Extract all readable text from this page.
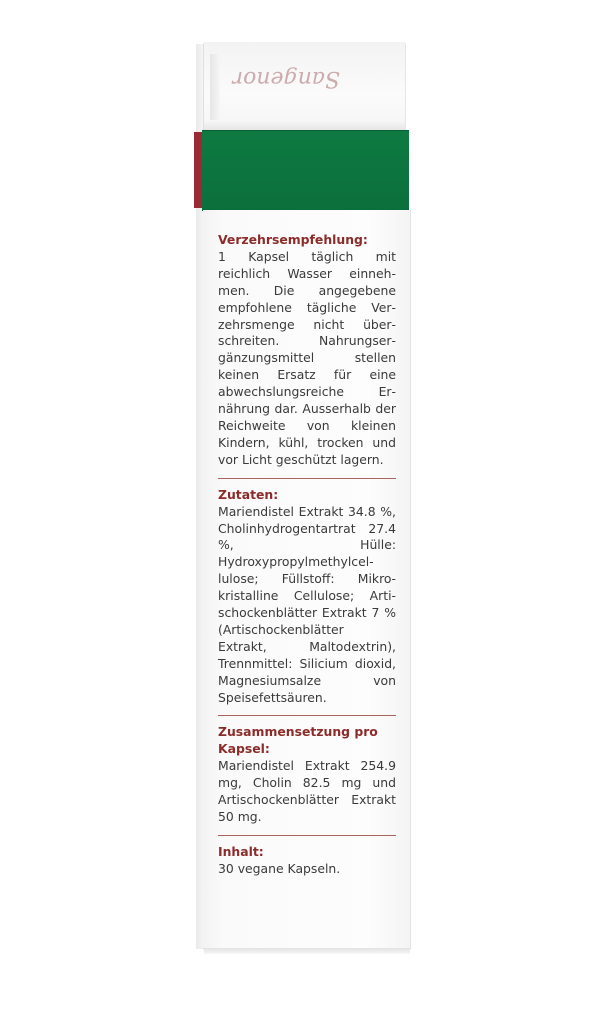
Sangenor

Verzehrsempfehlung:

1 Kapsel täglich mit reichlich Wasser einnehmen. Die angegebene empfohlene tägliche Verzehrsmenge nicht überschreiten. Nahrungsergänzungsmittel stellen keinen Ersatz für eine abwechslungsreiche Ernährung dar. Ausserhalb der Reichweite von kleinen Kindern, kühl, trocken und vor Licht geschützt lagern.

Zutaten:

Mariendistel Extrakt 34.8 %, Cholinhydrogentartrat 27.4 %, Hülle: Hydroxypropylmethylcellulose; Füllstoff: Mikrokristalline Cellulose; Artischockenblätter Extrakt 7 % (Artischockenblätter Extrakt, Maltodextrin), Trennmittel: Silicium dioxid, Magnesiumsalze von Speisefettsäuren.

Zusammensetzung pro Kapsel:

Mariendistel Extrakt 254.9 mg, Cholin 82.5 mg und Artischockenblätter Extrakt 50 mg.

Inhalt:

30 vegane Kapseln.
